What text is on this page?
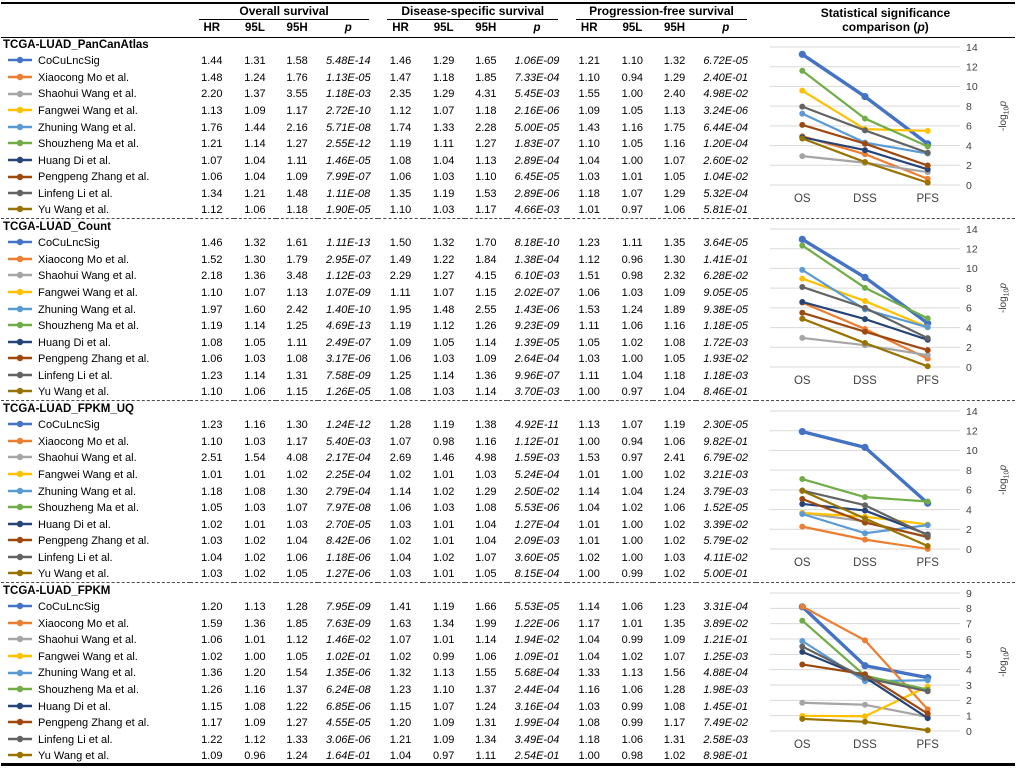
	Overall survival				Disease-specific survival				Progression-free survival				Statistical significance
comparison (p)
	HR	95L	95H	p	HR	95L	95H	p	HR	95L	95H	p	
TCGA-LUAD_PanCanAtlas	
0
2
4
6
8
10
12
14
OS	DSS	PFS
$-\log_{10}p$

CoCuLncSig	1.44	1.31	1.58	5.48E-14	1.46	1.29	1.65	1.06E-09	1.21	1.10	1.32	6.72E-05	
Xiaocong Mo et al.	1.48	1.24	1.76	1.13E-05	1.47	1.18	1.85	7.33E-04	1.10	0.94	1.29	2.40E-01	
Shaohui Wang et al.	2.20	1.37	3.55	1.18E-03	2.35	1.29	4.31	5.45E-03	1.55	1.00	2.40	4.98E-02	
Fangwei Wang et al.	1.13	1.09	1.17	2.72E-10	1.12	1.07	1.18	2.16E-06	1.09	1.05	1.13	3.24E-06	
Zhuning Wang et al.	1.76	1.44	2.16	5.71E-08	1.74	1.33	2.28	5.00E-05	1.43	1.16	1.75	6.44E-04	
Shouzheng Ma et al.	1.21	1.14	1.27	2.55E-12	1.19	1.11	1.27	1.83E-07	1.10	1.05	1.16	1.20E-04	
Huang Di et al.	1.07	1.04	1.11	1.46E-05	1.08	1.04	1.13	2.89E-04	1.04	1.00	1.07	2.60E-02	
Pengpeng Zhang et al.	1.06	1.04	1.09	7.99E-07	1.06	1.03	1.10	6.45E-05	1.03	1.01	1.05	1.04E-02	
Linfeng Li et al.	1.34	1.21	1.48	1.11E-08	1.35	1.19	1.53	2.89E-06	1.18	1.07	1.29	5.32E-04	
Yu Wang et al.	1.12	1.06	1.18	1.90E-05	1.10	1.03	1.17	4.66E-03	1.01	0.97	1.06	5.81E-01	
TCGA-LUAD_Count	
0
2
4
6
8
10
12
14
OS	DSS	PFS
$-\log_{10}p$

CoCuLncSig	1.46	1.32	1.61	1.11E-13	1.50	1.32	1.70	8.18E-10	1.23	1.11	1.35	3.64E-05	
Xiaocong Mo et al.	1.52	1.30	1.79	2.95E-07	1.49	1.22	1.84	1.38E-04	1.12	0.96	1.30	1.41E-01	
Shaohui Wang et al.	2.18	1.36	3.48	1.12E-03	2.29	1.27	4.15	6.10E-03	1.51	0.98	2.32	6.28E-02	
Fangwei Wang et al.	1.10	1.07	1.13	1.07E-09	1.11	1.07	1.15	2.02E-07	1.06	1.03	1.09	9.05E-05	
Zhuning Wang et al.	1.97	1.60	2.42	1.40E-10	1.95	1.48	2.55	1.43E-06	1.53	1.24	1.89	9.38E-05	
Shouzheng Ma et al.	1.19	1.14	1.25	4.69E-13	1.19	1.12	1.26	9.23E-09	1.11	1.06	1.16	1.18E-05	
Huang Di et al.	1.08	1.05	1.11	2.49E-07	1.09	1.05	1.14	1.39E-05	1.05	1.02	1.08	1.72E-03	
Pengpeng Zhang et al.	1.06	1.03	1.08	3.17E-06	1.06	1.03	1.09	2.64E-04	1.03	1.00	1.05	1.93E-02	
Linfeng Li et al.	1.23	1.14	1.31	7.58E-09	1.25	1.14	1.36	9.96E-07	1.11	1.04	1.18	1.18E-03	
Yu Wang et al.	1.10	1.06	1.15	1.26E-05	1.08	1.03	1.14	3.70E-03	1.00	0.97	1.04	8.46E-01	
TCGA-LUAD_FPKM_UQ	
0
2
4
6
8
10
12
14
OS	DSS	PFS
$-\log_{10}p$

CoCuLncSig	1.23	1.16	1.30	1.24E-12	1.28	1.19	1.38	4.92E-11	1.13	1.07	1.19	2.30E-05	
Xiaocong Mo et al.	1.10	1.03	1.17	5.40E-03	1.07	0.98	1.16	1.12E-01	1.00	0.94	1.06	9.82E-01	
Shaohui Wang et al.	2.51	1.54	4.08	2.17E-04	2.69	1.46	4.98	1.59E-03	1.53	0.97	2.41	6.79E-02	
Fangwei Wang et al.	1.01	1.01	1.02	2.25E-04	1.02	1.01	1.03	5.24E-04	1.01	1.00	1.02	3.21E-03	
Zhuning Wang et al.	1.18	1.08	1.30	2.79E-04	1.14	1.02	1.29	2.50E-02	1.14	1.04	1.24	3.79E-03	
Shouzheng Ma et al.	1.05	1.03	1.07	7.97E-08	1.06	1.03	1.08	5.53E-06	1.04	1.02	1.06	1.52E-05	
Huang Di et al.	1.02	1.01	1.03	2.70E-05	1.03	1.01	1.04	1.27E-04	1.01	1.00	1.02	3.39E-02	
Pengpeng Zhang et al.	1.03	1.02	1.04	8.42E-06	1.02	1.01	1.04	2.09E-03	1.01	1.00	1.02	5.79E-02	
Linfeng Li et al.	1.04	1.02	1.06	1.18E-06	1.04	1.02	1.07	3.60E-05	1.02	1.00	1.03	4.11E-02	
Yu Wang et al.	1.03	1.02	1.05	1.27E-06	1.03	1.01	1.05	8.15E-04	1.00	0.99	1.02	5.00E-01	
TCGA-LUAD_FPKM	
0
1
2
3
4
5
6
7
8
9
OS	DSS	PFS
$-\log_{10}p$

CoCuLncSig	1.20	1.13	1.28	7.95E-09	1.41	1.19	1.66	5.53E-05	1.14	1.06	1.23	3.31E-04	
Xiaocong Mo et al.	1.59	1.36	1.85	7.63E-09	1.63	1.34	1.99	1.22E-06	1.17	1.01	1.35	3.89E-02	
Shaohui Wang et al.	1.06	1.01	1.12	1.46E-02	1.07	1.01	1.14	1.94E-02	1.04	0.99	1.09	1.21E-01	
Fangwei Wang et al.	1.02	1.00	1.05	1.02E-01	1.02	0.99	1.06	1.09E-01	1.04	1.02	1.07	1.25E-03	
Zhuning Wang et al.	1.36	1.20	1.54	1.35E-06	1.32	1.13	1.55	5.68E-04	1.33	1.13	1.56	4.88E-04	
Shouzheng Ma et al.	1.26	1.16	1.37	6.24E-08	1.23	1.10	1.37	2.44E-04	1.16	1.06	1.28	1.98E-03	
Huang Di et al.	1.15	1.08	1.22	6.85E-06	1.15	1.07	1.24	3.16E-04	1.03	0.99	1.08	1.45E-01	
Pengpeng Zhang et al.	1.17	1.09	1.27	4.55E-05	1.20	1.09	1.31	1.99E-04	1.08	0.99	1.17	7.49E-02	
Linfeng Li et al.	1.22	1.12	1.33	3.06E-06	1.21	1.09	1.34	3.49E-04	1.18	1.06	1.31	2.58E-03	
Yu Wang et al.	1.09	0.96	1.24	1.64E-01	1.04	0.97	1.11	2.54E-01	1.00	0.98	1.02	8.98E-01	
